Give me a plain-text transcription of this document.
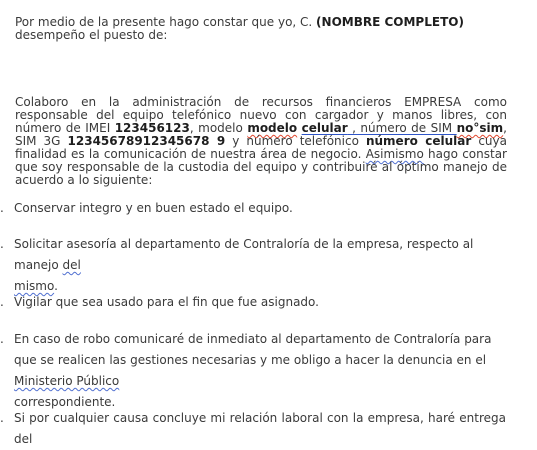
Por medio de la presente hago constar que yo, C. (NOMBRE COMPLETO) desempeño el puesto de:

Colaboro en la administración de recursos financieros EMPRESA como responsable del equipo telefónico nuevo con cargador y manos libres, con número de IMEI 123456123, modelo modelo celular , número de SIM no°sim, SIM 3G 12345678912345678 9 y número telefónico número celular cuya finalidad es la comunicación de nuestra área de negocio. Asimismo hago constar que soy responsable de la custodia del equipo y contribuiré al óptimo manejo de acuerdo a lo siguiente:

. Conservar integro y en buen estado el equipo.
. Solicitar asesoría al departamento de Contraloría de la empresa, respecto al manejo del
mismo.
. Vigilar que sea usado para el fin que fue asignado.
. En caso de robo comunicaré de inmediato al departamento de Contraloría para que se realicen las gestiones necesarias y me obligo a hacer la denuncia en el Ministerio Público
correspondiente.
. Si por cualquier causa concluye mi relación laboral con la empresa, haré entrega del
